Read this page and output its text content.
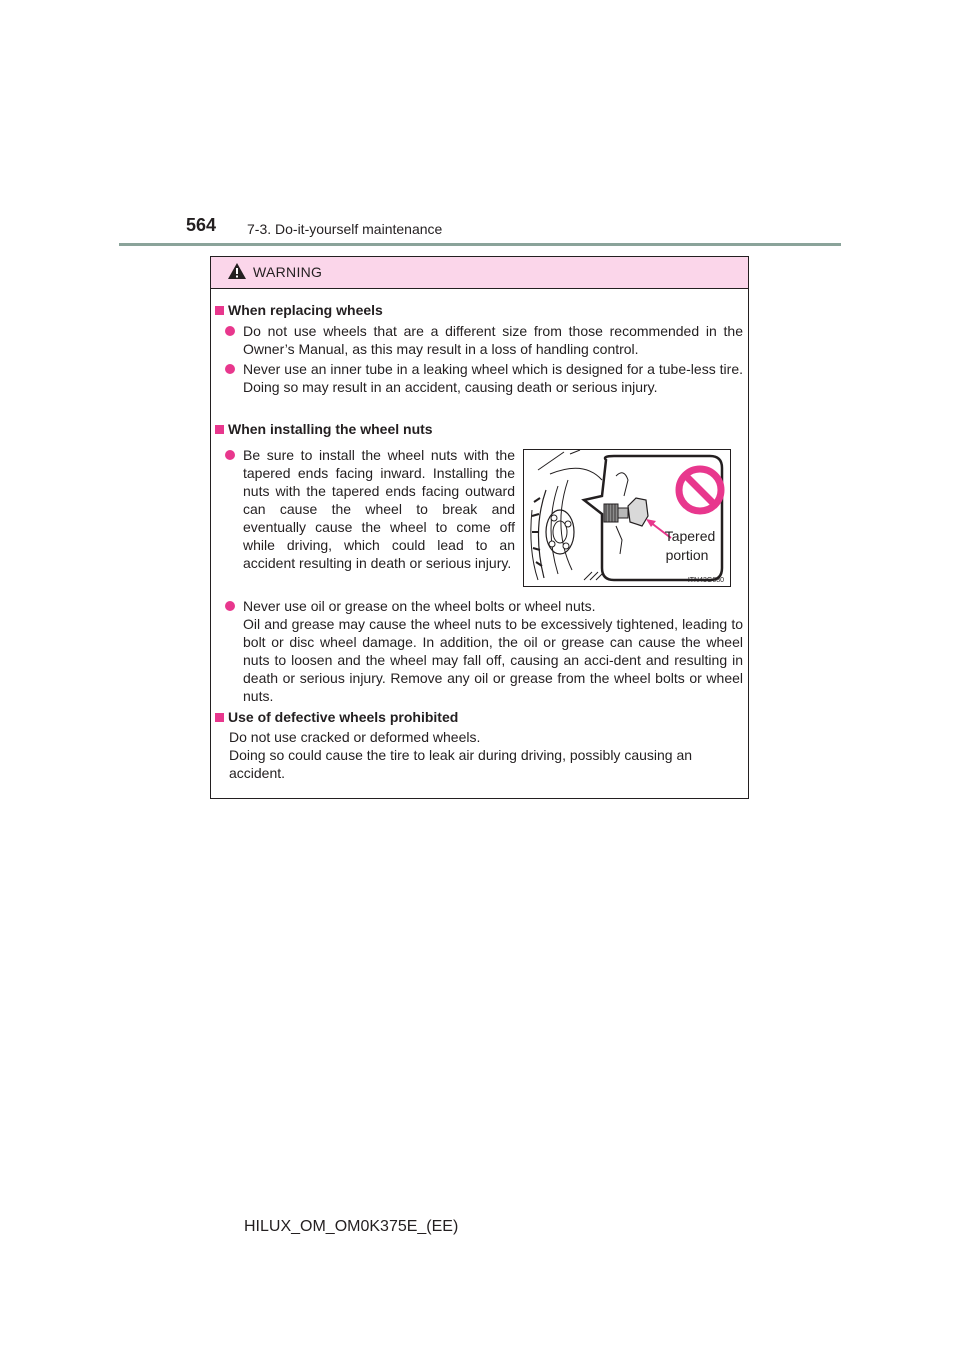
564 7-3. Do-it-yourself maintenance
WARNING
When replacing wheels
Do not use wheels that are a different size from those recommended in the Owner’s Manual, as this may result in a loss of handling control.
Never use an inner tube in a leaking wheel which is designed for a tube-less tire. Doing so may result in an accident, causing death or serious injury.
When installing the wheel nuts
Be sure to install the wheel nuts with the tapered ends facing inward. Installing the nuts with the tapered ends facing outward can cause the wheel to break and eventually cause the wheel to come off while driving, which could lead to an accident resulting in death or serious injury.
Tapered
portion
ITN43G080
Never use oil or grease on the wheel bolts or wheel nuts.
Oil and grease may cause the wheel nuts to be excessively tightened, leading to bolt or disc wheel damage. In addition, the oil or grease can cause the wheel nuts to loosen and the wheel may fall off, causing an acci-dent and resulting in death or serious injury. Remove any oil or grease from the wheel bolts or wheel nuts.
Use of defective wheels prohibited
Do not use cracked or deformed wheels.
Doing so could cause the tire to leak air during driving, possibly causing an accident.
HILUX_OM_OM0K375E_(EE)
